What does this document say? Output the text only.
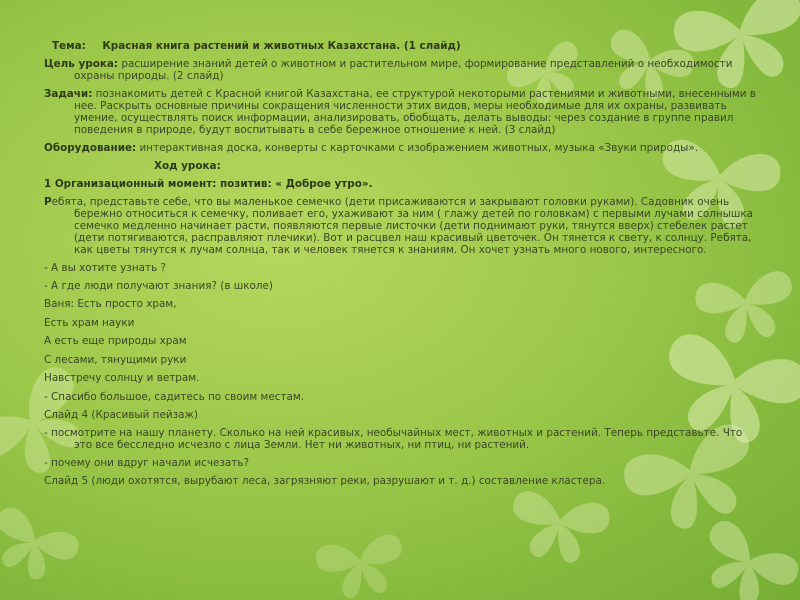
Тема: Красная книга растений и животных Казахстана. (1 слайд)

Цель урока: расширение знаний детей о животном и растительном мире, формирование представлений о необходимости охраны природы. (2 слайд)

Задачи: познакомить детей с Красной книгой Казахстана, ее структурой некоторыми растениями и животными, внесенными в нее. Раскрыть основные причины сокращения численности этих видов, меры необходимые для их охраны, развивать умение, осуществлять поиск информации, анализировать, обобщать, делать выводы: через создание в группе правил поведения в природе, будут воспитывать в себе бережное отношение к ней. (3 слайд)

Оборудование: интерактивная доска, конверты с карточками с изображением животных, музыка «Звуки природы».

Ход урока:

1 Организационный момент: позитив: « Доброе утро».

Ребята, представьте себе, что вы маленькое семечко (дети присаживаются и закрывают головки руками). Садовник очень бережно относиться к семечку, поливает его, ухаживают за ним ( глажу детей по головкам) с первыми лучами солнышка семечко медленно начинает расти, появляются первые листочки (дети поднимают руки, тянутся вверх) стебелек растет (дети потягиваются, расправляют плечики). Вот и расцвел наш красивый цветочек. Он тянется к свету, к солнцу. Ребята, как цветы тянутся к лучам солнца, так и человек тянется к знаниям. Он хочет узнать много нового, интересного.

- А вы хотите узнать ?

- А где люди получают знания? (в школе)

Ваня: Есть просто храм,

Есть храм науки

А есть еще природы храм

С лесами, тянущими руки

Навстречу солнцу и ветрам.

- Спасибо большое, садитесь по своим местам.

Слайд 4 (Красивый пейзаж)

- посмотрите на нашу планету. Сколько на ней красивых, необычайных мест, животных и растений. Теперь представьте. Что это все бесследно исчезло с лица Земли. Нет ни животных, ни птиц, ни растений.

- почему они вдруг начали исчезать?

Слайд 5 (люди охотятся, вырубают леса, загрязняют реки, разрушают и т. д.) составление кластера.
